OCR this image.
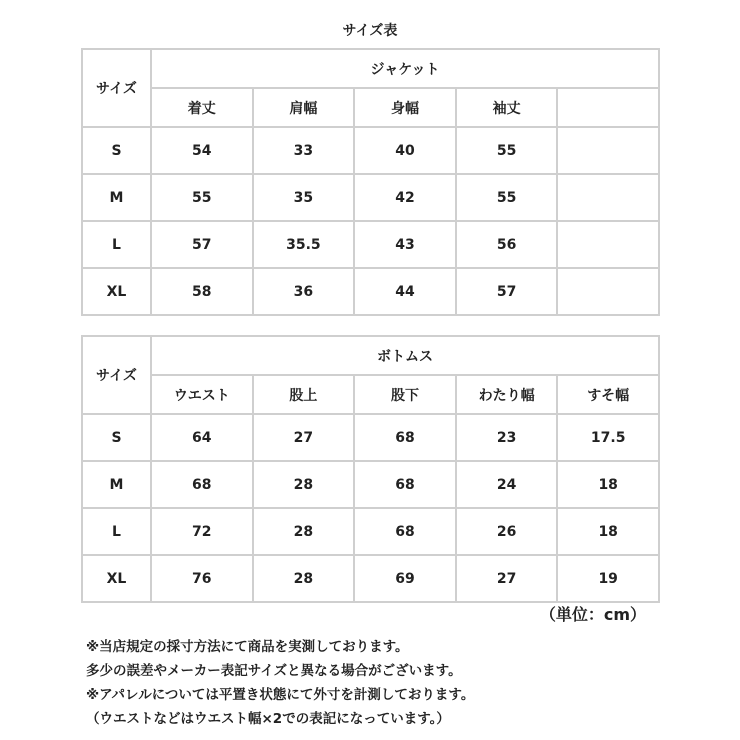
サイズ表
サイズ	ジャケット				
	着丈	肩幅	身幅	袖丈	
S	54	33	40	55	
M	55	35	42	55	
L	57	35.5	43	56	
XL	58	36	44	57	
サイズ	ボトムス				
	ウエスト	股上	股下	わたり幅	すそ幅
S	64	27	68	23	17.5
M	68	28	68	24	18
L	72	28	68	26	18
XL	76	28	69	27	19
（単位：cm）
※当店規定の採寸方法にて商品を実測しております。
多少の誤差やメーカー表記サイズと異なる場合がございます。
※アパレルについては平置き状態にて外寸を計測しております。
（ウエストなどはウエスト幅×2での表記になっています。）
